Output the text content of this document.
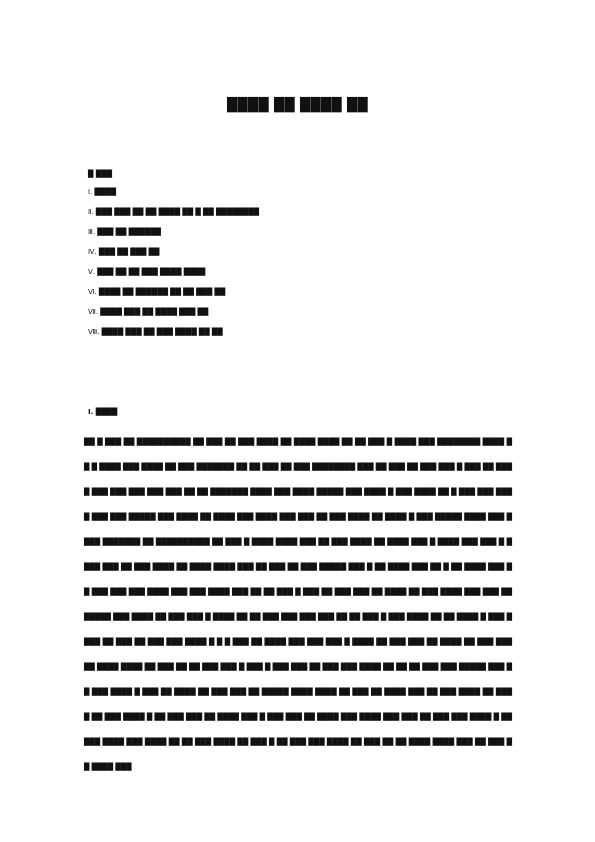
████ ██ ████ ██
█ ███
Ⅰ. ████
Ⅱ. ███ ███ ██ ██ ████ ██ █ ██ ████████
Ⅲ. ███ ██ ██████
Ⅳ. ███ ██ ███ ██
Ⅴ. ███ ██ ██ ███ ████ ████
Ⅵ. ████ ██ ██████ ██ ██ ███ ██
Ⅶ. ████ ███ ██ ████ ███ ██
Ⅷ. ████ ███ ██ ███ ████ ██ ██
Ⅰ. ████
██ █ ███ ██ ██████████ ██ ███ ██ ███ ████ ██ ████ ████ ██ ██ ███ █ ████ ███ ████████ ████ ██ █ ████ ███ ████ ██ ███ ███████ ██ ██ ███ ██ ███ ████████ ███ ██ ███ ██ ███ ███ █ ███ ██ ████ ███ ███ ███ ███ ███ ██ ██ ███████ ████ ███ ████ █████ ███ ████ █ ███ ████ ██ █ ███ ███ ████ ███ ███ █████ ███ ████ ██ ████ ███ ████ ███ ███ ██ ███ ████ ██ ████ █ ███ █████ ████ ███ ████ ███████ ██ ██████████ ██ ███ █ ████ ████ ███ ██ ███ ████ ██ ████ ███ █ ████ ███ ███ █ ████ ███ ██ ███ ████ ██ ████ ████ ███ ██ ███ ██ ███ █████ ███ █ ██ ████ ███ ██ █ ██ ████ ███ ██ ███ ███ ███ ████ ███ ███ ████ ███ ██ ██ ███ █ ███ ██ ███ ███ ██ ████ ██ ███ ████ ███ ███ ███████ ███ ████ ██ ███ ███ █ ████ ██ ██ ███ ███ ███ ███ ██ ██ ███ █ ███ ████ ██ ██ ████ █ ███ ████ ██ ███ ██ ███ ███ ████ █ █ █ ███ ██ ████ ███ ███ ███ █ ████ ██ ███ ███ ██ ████ ██ ███ ███ ██ ████ ████ ██ ███ ██ ██ ███ ███ █ ███ █ ███ ███ ██ ███ ███ ████ ██ ██ ██ ███ ███ █████ ███ ██ ███ ████ █ ███ ██ ████ ██ ███ ███ ██ █████ ████ ████ ██ ███ ██ ████ ███ ██ ███ ████ ██ ███ █ ██ ███ ████ █ ██ ███ ███ ██ ████ ███ █ ███ ███ ██ ████ ███ ████ ███ ███ ██ ███ ███ ████ █ ██ ███ ████ ███ ████ ██ ██ ███ ████ ██ ███ █ ██ ███ ███ ████ ██ ███ ██ ██ ████ ████ ███ ██ ███ ██ ████ ███
